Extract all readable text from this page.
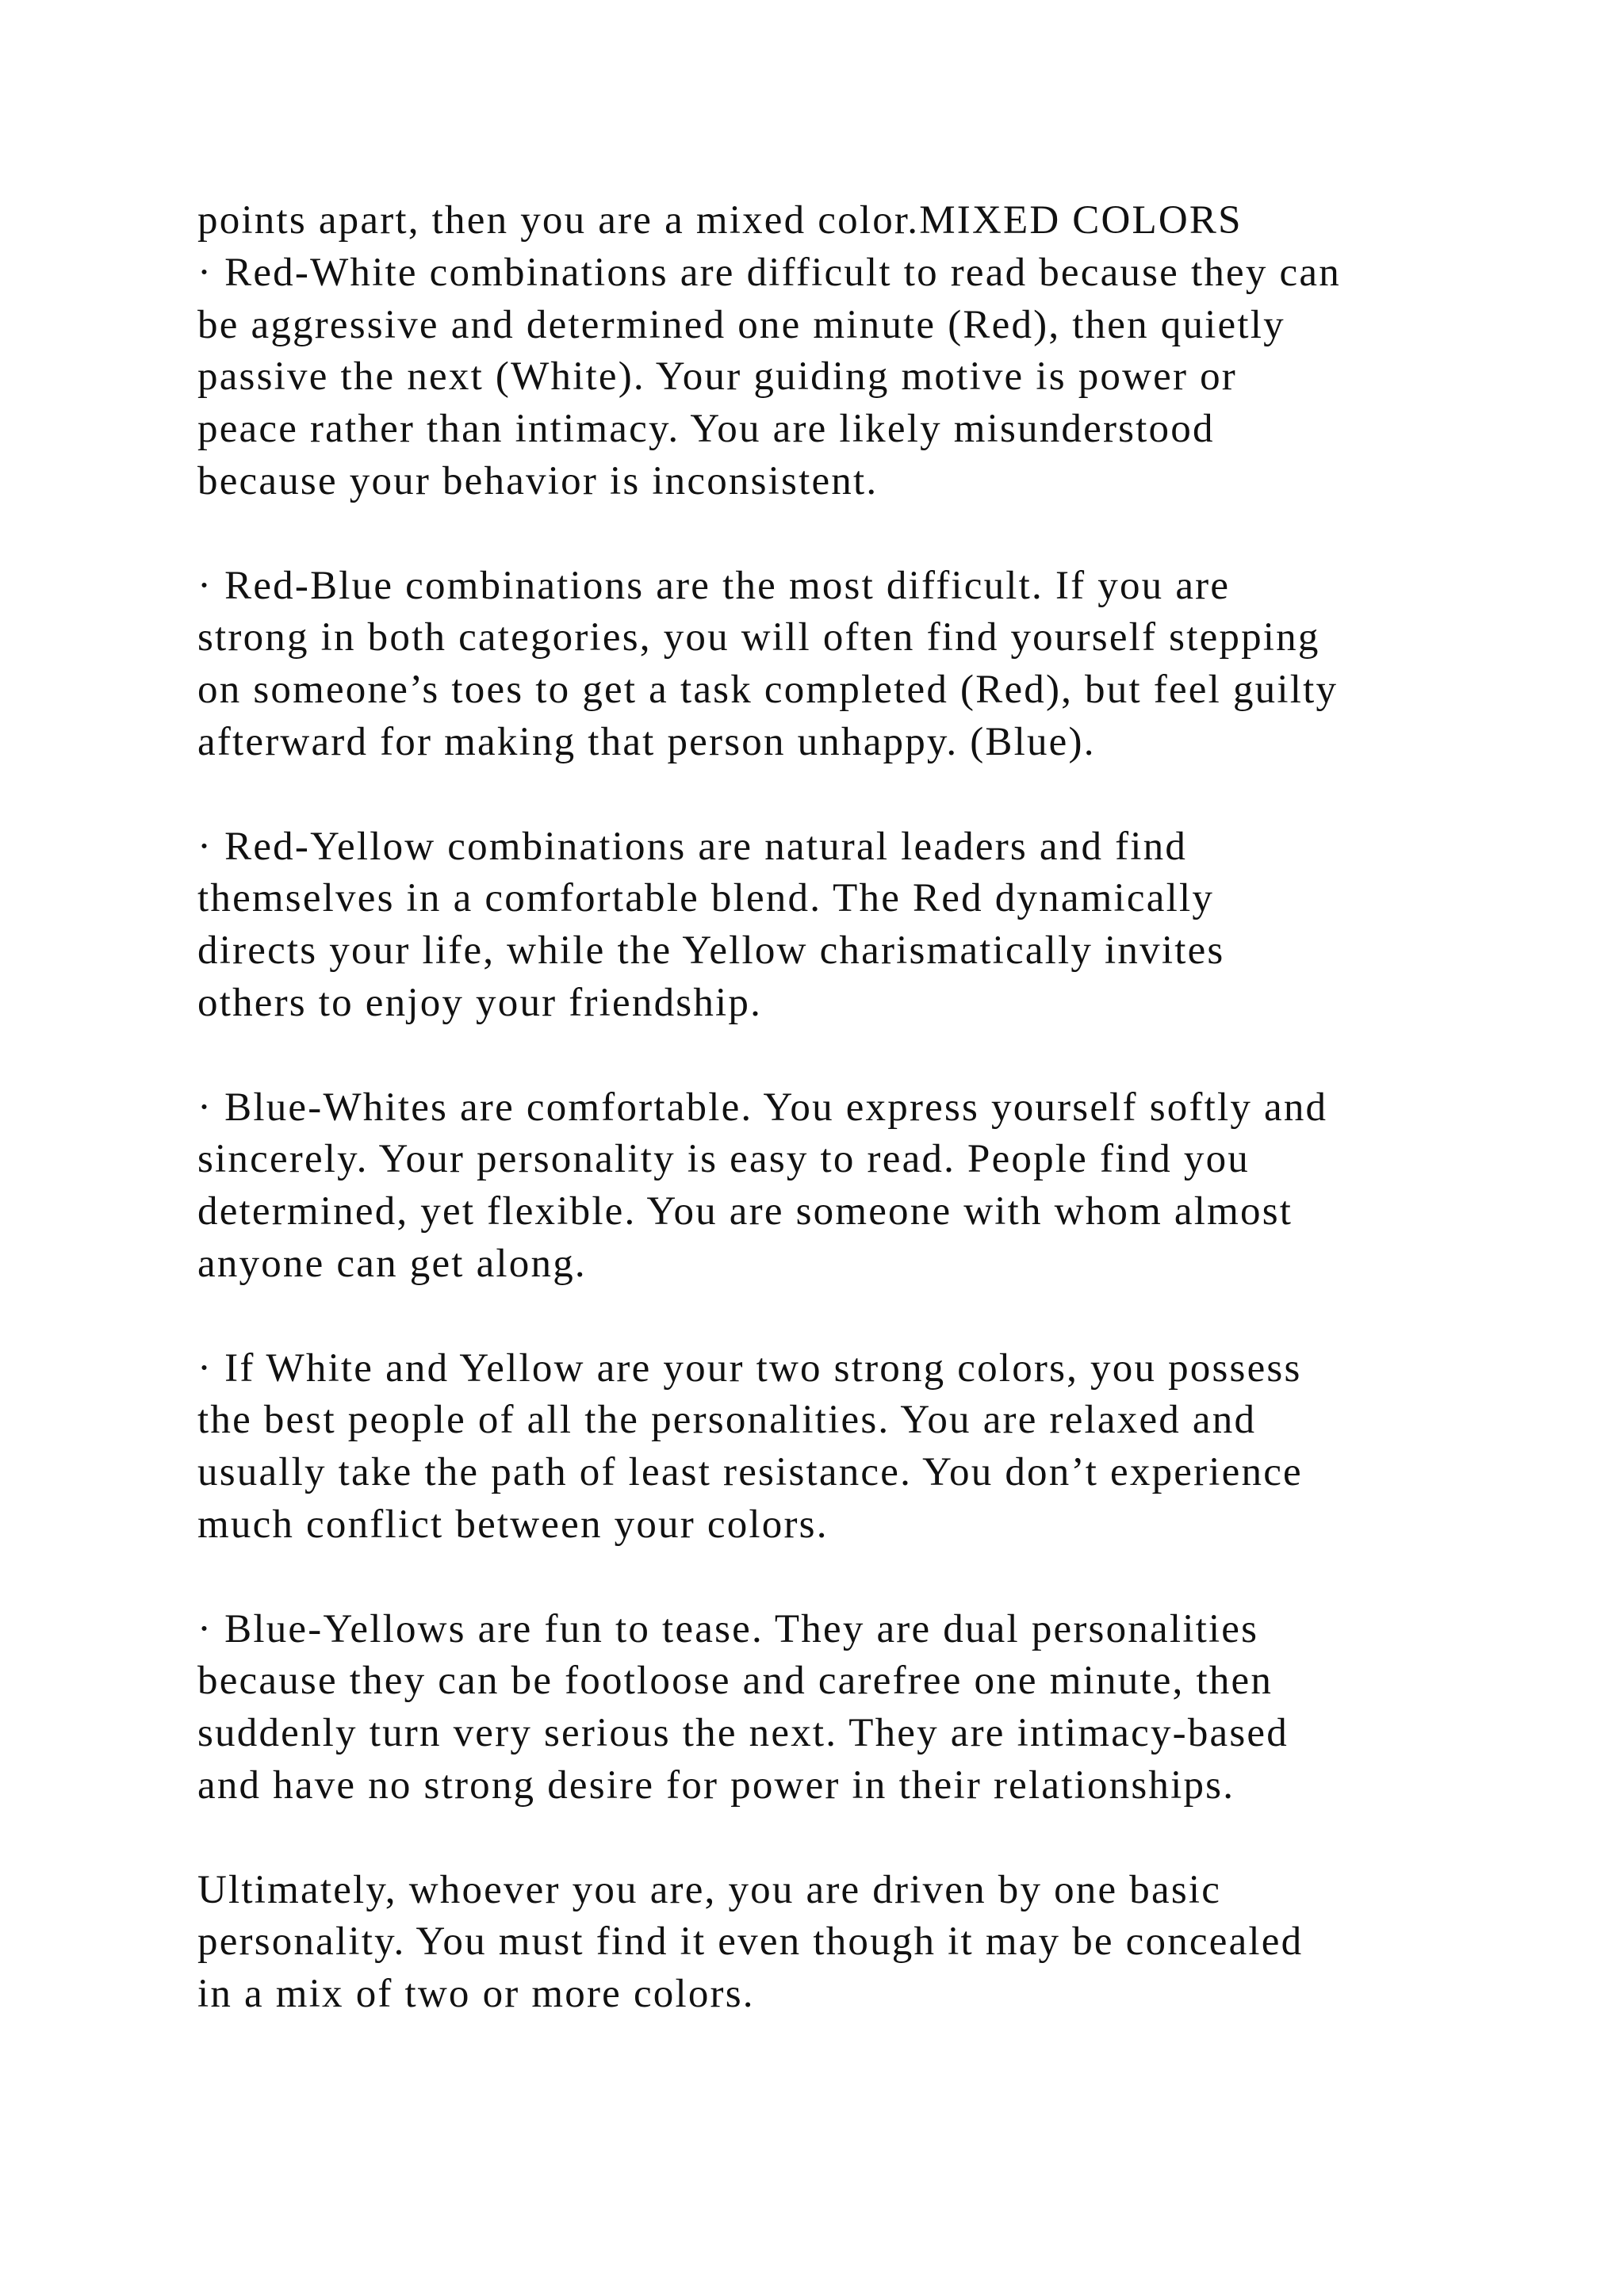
points apart, then you are a mixed color.MIXED COLORS
· Red-White combinations are difficult to read because they can
be aggressive and determined one minute (Red), then quietly
passive the next (White). Your guiding motive is power or
peace rather than intimacy. You are likely misunderstood
because your behavior is inconsistent.
· Red-Blue combinations are the most difficult. If you are
strong in both categories, you will often find yourself stepping
on someone’s toes to get a task completed (Red), but feel guilty
afterward for making that person unhappy. (Blue).
· Red-Yellow combinations are natural leaders and find
themselves in a comfortable blend. The Red dynamically
directs your life, while the Yellow charismatically invites
others to enjoy your friendship.
· Blue-Whites are comfortable. You express yourself softly and
sincerely. Your personality is easy to read. People find you
determined, yet flexible. You are someone with whom almost
anyone can get along.
· If White and Yellow are your two strong colors, you possess
the best people of all the personalities. You are relaxed and
usually take the path of least resistance. You don’t experience
much conflict between your colors.
· Blue-Yellows are fun to tease. They are dual personalities
because they can be footloose and carefree one minute, then
suddenly turn very serious the next. They are intimacy-based
and have no strong desire for power in their relationships.
Ultimately, whoever you are, you are driven by one basic
personality. You must find it even though it may be concealed
in a mix of two or more colors.
